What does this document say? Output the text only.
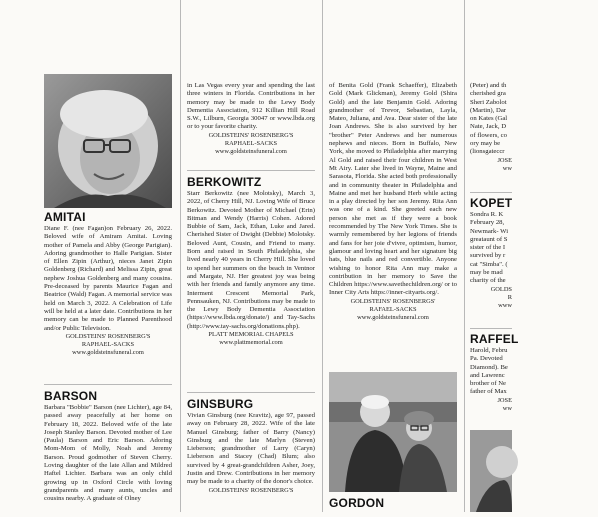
AMITAI

Diane F. (nee Fagan)on February 26, 2022. Beloved wife of Amiram Amitai. Loving mother of Pamela and Abby (George Parigian). Adoring grandmother to Halle Parigian. Sister of Ellen Zipin (Arthur), nieces Janet Zipin Goldenberg (Richard) and Melissa Zipin, great nephew Joshua Goldenberg and many cousins. Pre-deceased by parents Maurice Fagan and Beatrice (Wald) Fagan. A memorial service was held on March 3, 2022. A Celebration of Life will be held at a later date. Contributions in her memory can be made to Planned Parenthood and/or Public Television.

GOLDSTEINS' ROSENBERG'S

RAPHAEL-SACKS

www.goldsteinsfuneral.com

BARSON

Barbara "Bobbie" Barson (nee Lichter), age 84, passed away peacefully at her home on February 18, 2022. Beloved wife of the late Joseph Stanley Barson. Devoted mother of Lee (Paula) Barson and Eric Barson. Adoring Mom-Mom of Molly, Noah and Jeremy Barson. Proud godmother of Steven Cherry. Loving daughter of the late Allan and Mildred Haftel Lichter. Barbara was an only child growing up in Oxford Circle with loving grandparents and many aunts, uncles and cousins nearby. A graduate of Olney

in Las Vegas every year and spending the last three winters in Florida. Contributions in her memory may be made to the Lewy Body Dementia Association, 912 Killian Hill Road S.W., Lilburn, Georgia 30047 or www.lbda.org or to your favorite charity.

GOLDSTEINS' ROSENBERG'S

RAPHAEL-SACKS

www.goldsteinsfuneral.com

BERKOWITZ

Starr Berkowitz (nee Molotsky), March 3, 2022, of Cherry Hill, NJ. Loving Wife of Bruce Berkowitz. Devoted Mother of Michael (Erin) Bitman and Wendy (Harris) Cohen. Adored Bubbie of Sam, Jack, Ethan, Luke and Jared. Cherished Sister of Dwight (Debbie) Molotsky. Beloved Aunt, Cousin, and Friend to many. Born and raised in South Philadelphia, she lived nearly 40 years in Cherry Hill. She loved to spend her summers on the beach in Ventnor and Margate, NJ. Her greatest joy was being with her friends and family anymore any time. Interment Crescent Memorial Park, Pennsauken, NJ. Contributions may be made to the Lewy Body Dementia Association (https://www.lbda.org/donate/) and Tay-Sachs (http://www.tay-sachs.org/donations.php).

PLATT MEMORIAL CHAPELS

www.plattmemorial.com

GINSBURG

Vivian Ginsburg (nee Kravitz), age 97, passed away on February 28, 2022. Wife of the late Manuel Ginsburg; father of Barry (Nancy) Ginsburg and the late Marlyn (Steven) Lieberson; grandmother of Larry (Caryn) Lieberson and Stacey (Chad) Blum; also survived by 4 great-grandchildren Asher, Joey, Justin and Drew. Contributions in her memory may be made to a charity of the donor's choice.

GOLDSTEINS' ROSENBERG'S

of Benita Gold (Frank Schaeffer), Elizabeth Gold (Mark Glickman), Jeremy Gold (Shira Gold) and the late Benjamin Gold. Adoring grandmother of Trevor, Sebastian, Layla, Mateo, Juliana, and Ava. Dear sister of the late Joan Andrews. She is also survived by her "brother" Peter Andrews and her numerous nephews and nieces. Born in Buffalo, New York, she moved to Philadelphia after marrying Al Gold and raised their four children in West Mt Airy. Later she lived in Wayne, Maine and Sarasota, Florida. She acted both professionally and in community theater in Philadelphia and Maine and met her husband Herb while acting in a play directed by her son Jeremy. Rita Ann was one of a kind. She greeted each new person she met as if they were a book recommended by The New York Times. She is warmly remembered by her legions of friends and fans for her joie d'vivre, optimism, humor, glamour and loving heart and her signature big hats, blue nails and red convertible. Anyone wishing to honor Rita Ann may make a contribution in her memory to Save the Children https://www.savethechildren.org/ or to Inner City Arts https://inner-cityarts.org/.

GOLDSTEINS' ROSENBERGS'

RAFAEL-SACKS

www.goldsteinsfuneral.com

GORDON

(Peter) and th cherished gra Sheri Zabolot (Martin), Dar on Kates (Gal Nate, Jack, D of flowers, co ory may be (lionsgateccr

JOSE

ww

KOPET

Sondra R. K February 28, Newmark- Wi greataunt of S sister of the I survived by r cat "Simba". ( may be mad charity of the

GOLDS

R

www

RAFFEL

Harold, Febru Pa. Devoted Diamond). Be and Lawrenc brother of Ne father of Max

JOSE

ww
